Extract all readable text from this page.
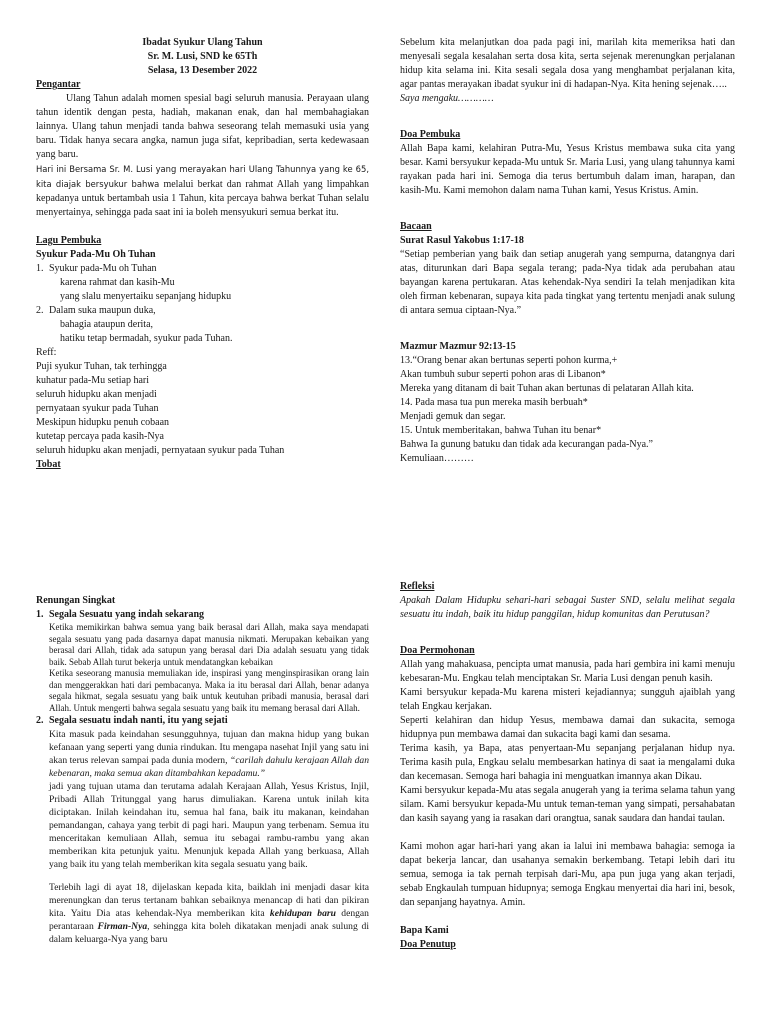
Ibadat Syukur Ulang Tahun

Sr. M. Lusi, SND ke 65Th

Selasa, 13 Desember 2022

Pengantar

Ulang Tahun adalah momen spesial bagi seluruh manusia. Perayaan ulang tahun identik dengan pesta, hadiah, makanan enak, dan hal membahagiakan lainnya. Ulang tahun menjadi tanda bahwa seseorang telah memasuki usia yang baru. Tidak hanya secara angka, namun juga sifat, kepribadian, serta kedewasaan yang baru.

Hari ini Bersama Sr. M. Lusi yang merayakan hari Ulang Tahunnya yang ke 65, kita diajak bersyukur bahwa melalui berkat dan rahmat Allah yang limpahkan kepadanya untuk bertambah usia 1 Tahun, kita percaya bahwa berkat Tuhan selalu menyertainya, sehingga pada saat ini ia boleh mensyukuri semua berkat itu.

Lagu Pembuka

Syukur Pada-Mu Oh Tuhan

1. Syukur pada-Mu oh Tuhan

karena rahmat dan kasih-Mu

yang slalu menyertaiku sepanjang hidupku

2. Dalam suka maupun duka,

bahagia ataupun derita,

hatiku tetap bermadah, syukur pada Tuhan.

Reff:

Puji syukur Tuhan, tak terhingga

kuhatur pada-Mu setiap hari

seluruh hidupku akan menjadi

pernyataan syukur pada Tuhan

Meskipun hidupku penuh cobaan

kutetap percaya pada kasih-Nya

seluruh hidupku akan menjadi, pernyataan syukur pada Tuhan

Tobat

Sebelum kita melanjutkan doa pada pagi ini, marilah kita memeriksa hati dan menyesali segala kesalahan serta dosa kita, serta sejenak merenungkan perjalanan hidup kita selama ini. Kita sesali segala dosa yang menghambat perjalanan kita, agar pantas merayakan ibadat syukur ini di hadapan-Nya. Kita hening sejenak…..

Saya mengaku…………

Doa Pembuka

Allah Bapa kami, kelahiran Putra-Mu, Yesus Kristus membawa suka cita yang besar. Kami bersyukur kepada-Mu untuk Sr. Maria Lusi, yang ulang tahunnya kami rayakan pada hari ini. Semoga dia terus bertumbuh dalam iman, harapan, dan kasih-Mu. Kami memohon dalam nama Tuhan kami, Yesus Kristus. Amin.

Bacaan

Surat Rasul Yakobus 1:17-18

“Setiap pemberian yang baik dan setiap anugerah yang sempurna, datangnya dari atas, diturunkan dari Bapa segala terang; pada-Nya tidak ada perubahan atau bayangan karena pertukaran. Atas kehendak-Nya sendiri Ia telah menjadikan kita oleh firman kebenaran, supaya kita pada tingkat yang tertentu menjadi anak sulung di antara semua ciptaan-Nya.”

Mazmur Mazmur 92:13-15

13.“Orang benar akan bertunas seperti pohon kurma,+

Akan tumbuh subur seperti pohon aras di Libanon*

Mereka yang ditanam di bait Tuhan akan bertunas di pelataran Allah kita.

14. Pada masa tua pun mereka masih berbuah*

Menjadi gemuk dan segar.

15. Untuk memberitakan, bahwa Tuhan itu benar*

Bahwa Ia gunung batuku dan tidak ada kecurangan pada-Nya.”

Kemuliaan………

Renungan Singkat

1. Segala Sesuatu yang indah sekarang

Ketika memikirkan bahwa semua yang baik berasal dari Allah, maka saya mendapati segala sesuatu yang pada dasarnya dapat manusia nikmati. Merupakan kebaikan yang berasal dari Allah, tidak ada satupun yang berasal dari Dia adalah sesuatu yang tidak baik. Sebab Allah turut bekerja untuk mendatangkan kebaikan

Ketika seseorang manusia memuliakan ide, inspirasi yang menginspirasikan orang lain dan menggerakkan hati dari pembacanya. Maka ia itu berasal dari Allah, benar adanya segala hikmat, segala sesuatu yang baik untuk keutuhan pribadi manusia, berasal dari Allah. Untuk mengerti bahwa segala sesuatu yang baik itu memang berasal dari Allah.

2. Segala sesuatu indah nanti, itu yang sejati

Kita masuk pada keindahan sesungguhnya, tujuan dan makna hidup yang bukan kefanaan yang seperti yang dunia rindukan. Itu mengapa nasehat Injil yang satu ini akan terus relevan sampai pada dunia modern, “carilah dahulu kerajaan Allah dan kebenaran, maka semua akan ditambahkan kepadamu.”

jadi yang tujuan utama dan terutama adalah Kerajaan Allah, Yesus Kristus, Injil, Pribadi Allah Tritunggal yang harus dimuliakan. Karena untuk inilah kita diciptakan. Inilah keindahan itu, semua hal fana, baik itu makanan, keindahan pemandangan, cahaya yang terbit di pagi hari. Maupun yang terbenam. Semua itu menceritakan kemuliaan Allah, semua itu sebagai rambu-rambu yang akan memberikan kita petunjuk yaitu. Menunjuk kepada Allah yang berkuasa, Allah yang baik itu yang telah memberikan kita segala sesuatu yang baik.

Terlebih lagi di ayat 18, dijelaskan kepada kita, baiklah ini menjadi dasar kita merenungkan dan terus tertanam bahkan sebaiknya menancap di hati dan pikiran kita. Yaitu Dia atas kehendak-Nya memberikan kita kehidupan baru dengan perantaraan Firman-Nya, sehingga kita boleh dikatakan menjadi anak sulung di dalam keluarga-Nya yang baru

Refleksi

Apakah Dalam Hidupku sehari-hari sebagai Suster SND, selalu melihat segala sesuatu itu indah, baik itu hidup panggilan, hidup komunitas dan Perutusan?

Doa Permohonan

Allah yang mahakuasa, pencipta umat manusia, pada hari gembira ini kami menuju kebesaran-Mu. Engkau telah menciptakan Sr. Maria Lusi dengan penuh kasih.

Kami bersyukur kepada-Mu karena misteri kejadiannya; sungguh ajaiblah yang telah Engkau kerjakan.

Seperti kelahiran dan hidup Yesus, membawa damai dan sukacita, semoga hidupnya pun membawa damai dan sukacita bagi kami dan sesama.

Terima kasih, ya Bapa, atas penyertaan-Mu sepanjang perjalanan hidup nya. Terima kasih pula, Engkau selalu membesarkan hatinya di saat ia mengalami duka dan kecemasan. Semoga hari bahagia ini menguatkan imannya akan Dikau.

Kami bersyukur kepada-Mu atas segala anugerah yang ia terima selama tahun yang silam. Kami bersyukur kepada-Mu untuk teman-teman yang simpati, persahabatan dan kasih sayang yang ia rasakan dari orangtua, sanak saudara dan handai taulan.

Kami mohon agar hari-hari yang akan ia lalui ini membawa bahagia: semoga ia dapat bekerja lancar, dan usahanya semakin berkembang. Tetapi lebih dari itu semua, semoga ia tak pernah terpisah dari-Mu, apa pun juga yang akan terjadi, sebab Engkaulah tumpuan hidupnya; semoga Engkau menyertai dia hari ini, besok, dan sepanjang hayatnya. Amin.

Bapa Kami

Doa Penutup
